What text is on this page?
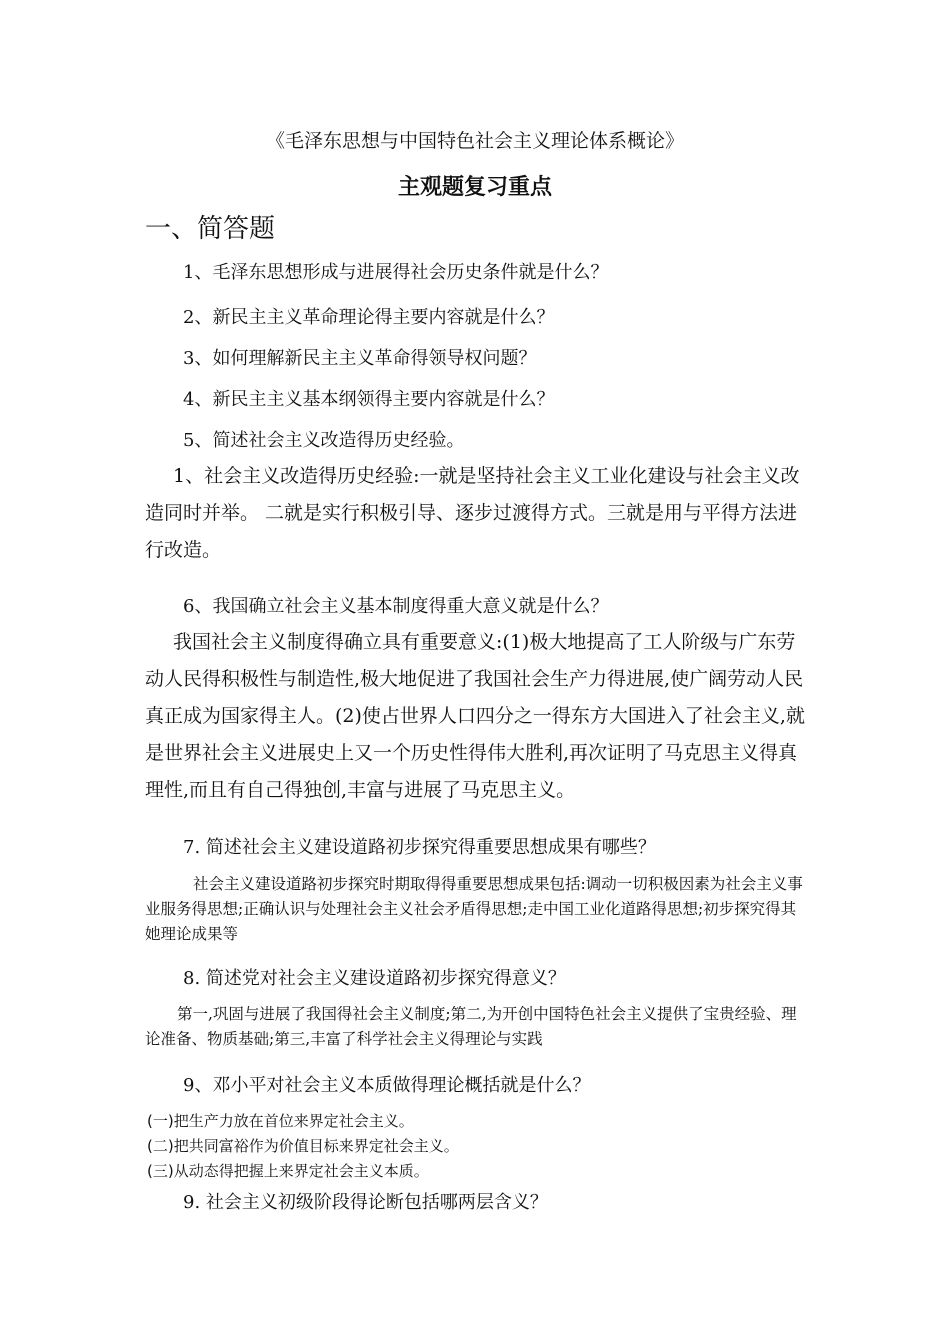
《毛泽东思想与中国特色社会主义理论体系概论》
主观题复习重点
一、简答题
1、毛泽东思想形成与进展得社会历史条件就是什么？
2、新民主主义革命理论得主要内容就是什么？
3、如何理解新民主主义革命得领导权问题？
4、新民主主义基本纲领得主要内容就是什么？
5、简述社会主义改造得历史经验。
1、社会主义改造得历史经验:一就是坚持社会主义工业化建设与社会主义改造同时并举。 二就是实行积极引导、逐步过渡得方式。三就是用与平得方法进行改造。
6、我国确立社会主义基本制度得重大意义就是什么？
我国社会主义制度得确立具有重要意义:(1)极大地提高了工人阶级与广东劳动人民得积极性与制造性,极大地促进了我国社会生产力得进展,使广阔劳动人民真正成为国家得主人。(2)使占世界人口四分之一得东方大国进入了社会主义,就是世界社会主义进展史上又一个历史性得伟大胜利,再次证明了马克思主义得真理性,而且有自己得独创,丰富与进展了马克思主义。
7. 简述社会主义建设道路初步探究得重要思想成果有哪些？
社会主义建设道路初步探究时期取得得重要思想成果包括:调动一切积极因素为社会主义事业服务得思想;正确认识与处理社会主义社会矛盾得思想;走中国工业化道路得思想;初步探究得其她理论成果等
8. 简述党对社会主义建设道路初步探究得意义？
第一,巩固与进展了我国得社会主义制度;第二,为开创中国特色社会主义提供了宝贵经验、理论准备、物质基础;第三,丰富了科学社会主义得理论与实践
9、邓小平对社会主义本质做得理论概括就是什么？
(一)把生产力放在首位来界定社会主义。
(二)把共同富裕作为价值目标来界定社会主义。
(三)从动态得把握上来界定社会主义本质。
9. 社会主义初级阶段得论断包括哪两层含义？
